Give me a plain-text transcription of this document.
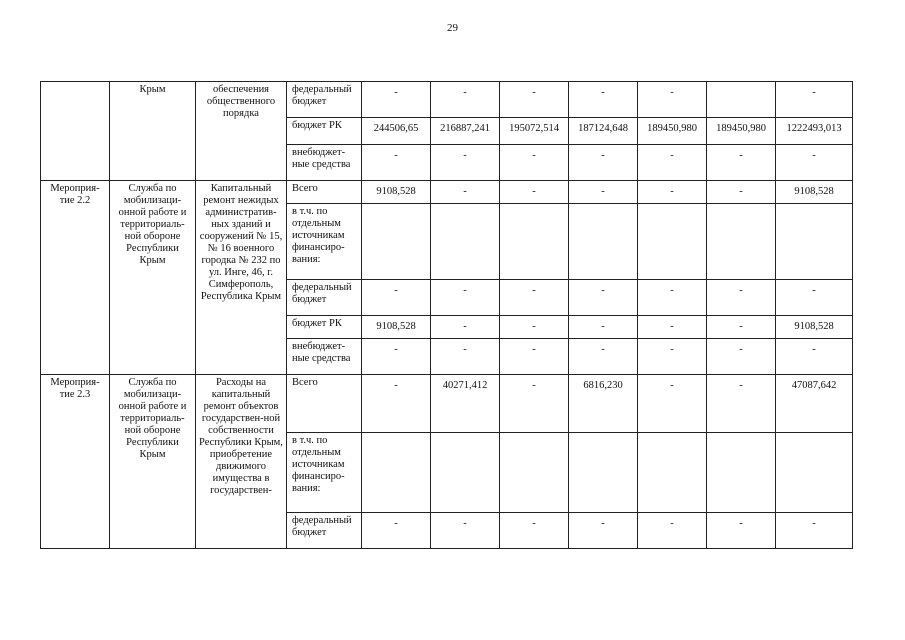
29
	Крым	обеспечения общественного порядка	федеральный бюджет	-	-	-	-	-		-
			бюджет РК	244506,65	216887,241	195072,514	187124,648	189450,980	189450,980	1222493,013
			внебюджет-ные средства	-	-	-	-	-	-	-
Мероприя-тие 2.2	Служба по мобилизаци-онной работе и территориаль-ной обороне Республики Крым	Капитальный ремонт нежидых административ-ных зданий и сооружений № 15, № 16 военного городка № 232 по ул. Инге, 46, г. Симферополь, Республика Крым	Всего	9108,528	-	-	-	-	-	9108,528
			в т.ч. по отдельным источникам финансиро-вания:							
			федеральный бюджет	-	-	-	-	-	-	-
			бюджет РК	9108,528	-	-	-	-	-	9108,528
			внебюджет-ные средства	-	-	-	-	-	-	-
Мероприя-тие 2.3	Служба по мобилизаци-онной работе и территориаль-ной обороне Республики Крым	Расходы на капитальный ремонт объектов государствен-ной собственности Республики Крым, приобретение движимого имущества в государствен-	Всего	-	40271,412	-	6816,230	-	-	47087,642
			в т.ч. по отдельным источникам финансиро-вания:							
			федеральный бюджет	-	-	-	-	-	-	-
